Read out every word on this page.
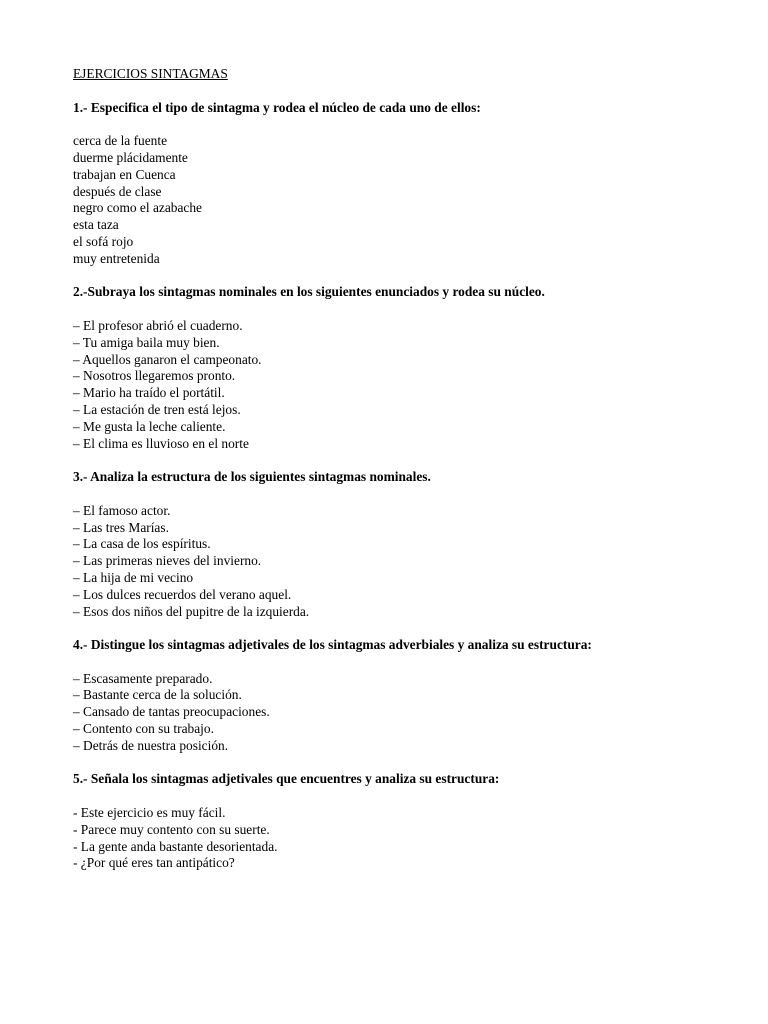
EJERCICIOS SINTAGMAS
1.- Especifica el tipo de sintagma y rodea el núcleo de cada uno de ellos:
cerca de la fuente
duerme plácidamente
trabajan en Cuenca
después de clase
negro como el azabache
esta taza
el sofá rojo
muy entretenida
2.-Subraya los sintagmas nominales en los siguientes enunciados y rodea su núcleo.
– El profesor abrió el cuaderno.
– Tu amiga baila muy bien.
– Aquellos ganaron el campeonato.
– Nosotros llegaremos pronto.
– Mario ha traído el portátil.
– La estación de tren está lejos.
– Me gusta la leche caliente.
– El clima es lluvioso en el norte
3.- Analiza la estructura de los siguientes sintagmas nominales.
– El famoso actor.
– Las tres Marías.
– La casa de los espíritus.
– Las primeras nieves del invierno.
– La hija de mi vecino
– Los dulces recuerdos del verano aquel.
– Esos dos niños del pupitre de la izquierda.
4.- Distingue los sintagmas adjetivales de los sintagmas adverbiales y analiza su estructura:
– Escasamente preparado.
– Bastante cerca de la solución.
– Cansado de tantas preocupaciones.
– Contento con su trabajo.
– Detrás de nuestra posición.
5.- Señala los sintagmas adjetivales que encuentres y analiza su estructura:
- Este ejercicio es muy fácil.
- Parece muy contento con su suerte.
- La gente anda bastante desorientada.
- ¿Por qué eres tan antipático?
